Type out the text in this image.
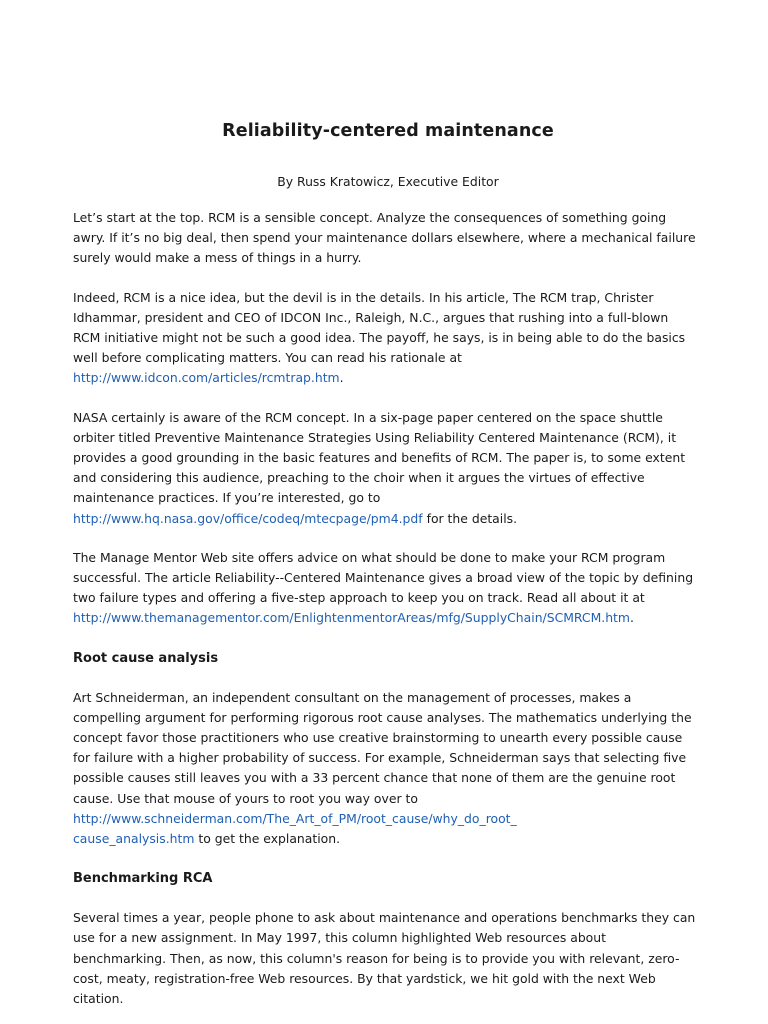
Reliability-centered maintenance
By Russ Kratowicz, Executive Editor

Let’s start at the top. RCM is a sensible concept. Analyze the consequences of something going
awry. If it’s no big deal, then spend your maintenance dollars elsewhere, where a mechanical failure
surely would make a mess of things in a hurry.

Indeed, RCM is a nice idea, but the devil is in the details. In his article, The RCM trap, Christer
Idhammar, president and CEO of IDCON Inc., Raleigh, N.C., argues that rushing into a full-blown
RCM initiative might not be such a good idea. The payoff, he says, is in being able to do the basics
well before complicating matters. You can read his rationale at
http://www.idcon.com/articles/rcmtrap.htm.

NASA certainly is aware of the RCM concept. In a six-page paper centered on the space shuttle
orbiter titled Preventive Maintenance Strategies Using Reliability Centered Maintenance (RCM), it
provides a good grounding in the basic features and benefits of RCM. The paper is, to some extent
and considering this audience, preaching to the choir when it argues the virtues of effective
maintenance practices. If you’re interested, go to
http://www.hq.nasa.gov/office/codeq/mtecpage/pm4.pdf for the details.

The Manage Mentor Web site offers advice on what should be done to make your RCM program
successful. The article Reliability--Centered Maintenance gives a broad view of the topic by defining
two failure types and offering a five-step approach to keep you on track. Read all about it at
http://www.themanagementor.com/EnlightenmentorAreas/mfg/SupplyChain/SCMRCM.htm.

Root cause analysis

Art Schneiderman, an independent consultant on the management of processes, makes a
compelling argument for performing rigorous root cause analyses. The mathematics underlying the
concept favor those practitioners who use creative brainstorming to unearth every possible cause
for failure with a higher probability of success. For example, Schneiderman says that selecting five
possible causes still leaves you with a 33 percent chance that none of them are the genuine root
cause. Use that mouse of yours to root you way over to
http://www.schneiderman.com/The_Art_of_PM/root_cause/why_do_root_
cause_analysis.htm to get the explanation.

Benchmarking RCA

Several times a year, people phone to ask about maintenance and operations benchmarks they can
use for a new assignment. In May 1997, this column highlighted Web resources about
benchmarking. Then, as now, this column's reason for being is to provide you with relevant, zero-
cost, meaty, registration-free Web resources. By that yardstick, we hit gold with the next Web
citation.
